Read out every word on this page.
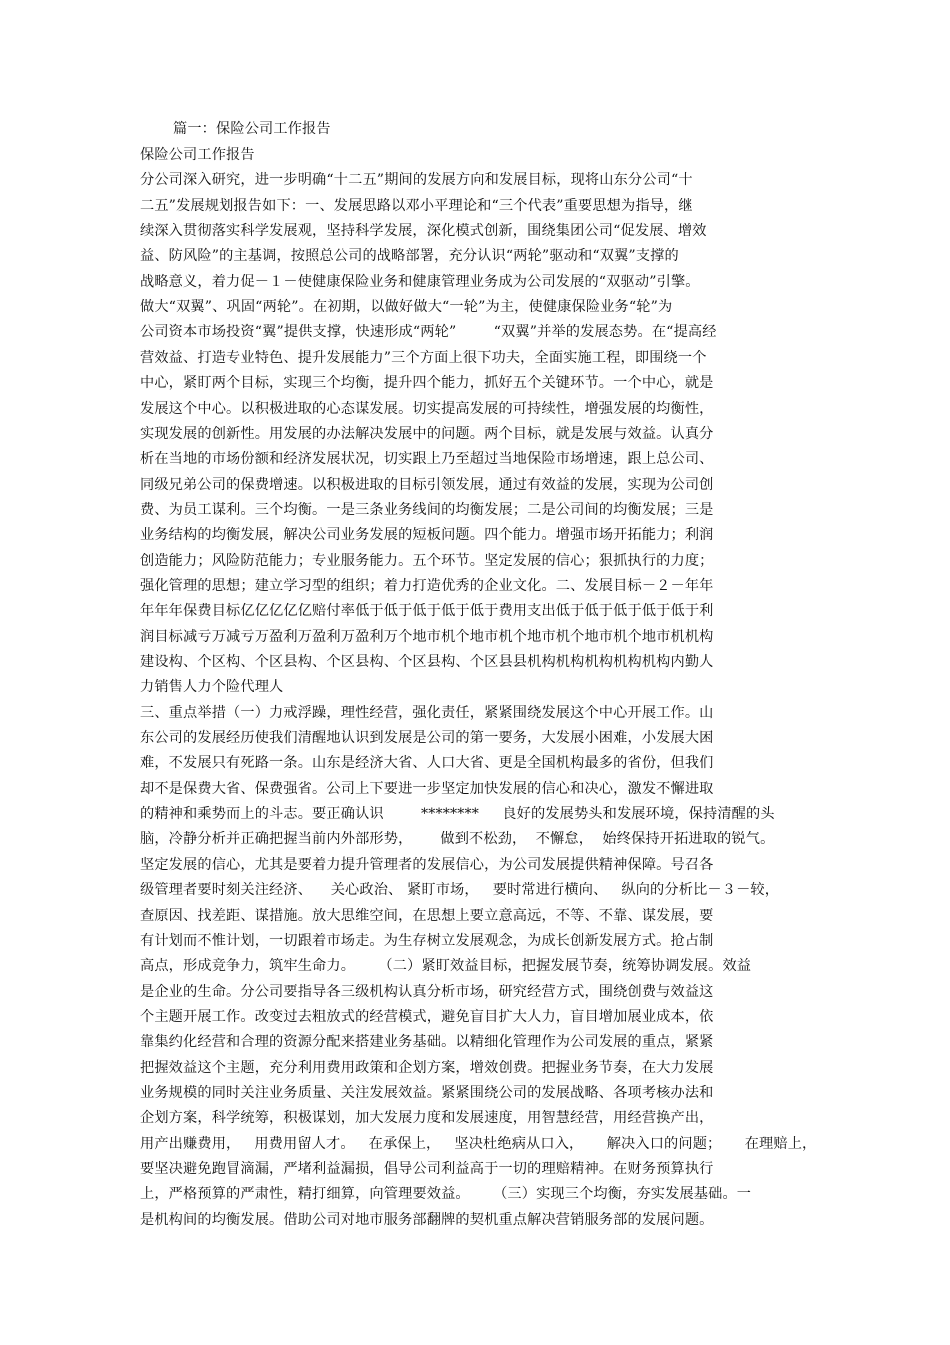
篇一：保险公司工作报告
保险公司工作报告
分公司深入研究，进一步明确“十二五”期间的发展方向和发展目标，现将山东分公司“十
二五”发展规划报告如下：一、发展思路以邓小平理论和“三个代表”重要思想为指导，继
续深入贯彻落实科学发展观，坚持科学发展，深化模式创新，围绕集团公司“促发展、增效
益、防风险”的主基调，按照总公司的战略部署，充分认识“两轮”驱动和“双翼”支撑的
战略意义，着力促－１－使健康保险业务和健康管理业务成为公司发展的“双驱动”引擎。
做大“双翼”、巩固“两轮”。在初期，以做好做大“一轮”为主，使健康保险业务“轮”为
公司资本市场投资“翼”提供支撑，快速形成“两轮”        “双翼”并举的发展态势。在“提高经
营效益、打造专业特色、提升发展能力”三个方面上很下功夫，全面实施工程，即围绕一个
中心，紧盯两个目标，实现三个均衡，提升四个能力，抓好五个关键环节。一个中心，就是
发展这个中心。以积极进取的心态谋发展。切实提高发展的可持续性，增强发展的均衡性，
实现发展的创新性。用发展的办法解决发展中的问题。两个目标，就是发展与效益。认真分
析在当地的市场份额和经济发展状况，切实跟上乃至超过当地保险市场增速，跟上总公司、
同级兄弟公司的保费增速。以积极进取的目标引领发展，通过有效益的发展，实现为公司创
费、为员工谋利。三个均衡。一是三条业务线间的均衡发展；二是公司间的均衡发展；三是
业务结构的均衡发展，解决公司业务发展的短板问题。四个能力。增强市场开拓能力；利润
创造能力；风险防范能力；专业服务能力。五个环节。坚定发展的信心；狠抓执行的力度；
强化管理的思想；建立学习型的组织；着力打造优秀的企业文化。二、发展目标－２－年年
年年年保费目标亿亿亿亿亿赔付率低于低于低于低于低于费用支出低于低于低于低于低于利
润目标减亏万减亏万盈利万盈利万盈利万个地市机个地市机个地市机个地市机个地市机机构
建设构、个区构、个区县构、个区县构、个区县构、个区县县机构机构机构机构机构内勤人
力销售人力个险代理人
三、重点举措（一）力戒浮躁，理性经营，强化责任，紧紧围绕发展这个中心开展工作。山
东公司的发展经历使我们清醒地认识到发展是公司的第一要务，大发展小困难，小发展大困
难，不发展只有死路一条。山东是经济大省、人口大省、更是全国机构最多的省份，但我们
却不是保费大省、保费强省。公司上下要进一步坚定加快发展的信心和决心，激发不懈进取
的精神和乘势而上的斗志。要正确认识        ********     良好的发展势头和发展环境，保持清醒的头
脑，冷静分析并正确把握当前内外部形势，      做到不松劲，  不懈怠，  始终保持开拓进取的锐气。
坚定发展的信心，尤其是要着力提升管理者的发展信心，为公司发展提供精神保障。号召各
级管理者要时刻关注经济、    关心政治、 紧盯市场，   要时常进行横向、   纵向的分析比－３－较，
查原因、找差距、谋措施。放大思维空间，在思想上要立意高远，不等、不靠、谋发展，要
有计划而不惟计划，一切跟着市场走。为生存树立发展观念，为成长创新发展方式。抢占制
高点，形成竞争力，筑牢生命力。     （二）紧盯效益目标，把握发展节奏，统筹协调发展。效益
是企业的生命。分公司要指导各三级机构认真分析市场，研究经营方式，围绕创费与效益这
个主题开展工作。改变过去粗放式的经营模式，避免盲目扩大人力，盲目增加展业成本，依
靠集约化经营和合理的资源分配来搭建业务基础。以精细化管理作为公司发展的重点，紧紧
把握效益这个主题，充分利用费用政策和企划方案，增效创费。把握业务节奏，在大力发展
业务规模的同时关注业务质量、关注发展效益。紧紧围绕公司的发展战略、各项考核办法和
企划方案，科学统筹，积极谋划，加大发展力度和发展速度，用智慧经营，用经营换产出，
用产出赚费用，   用费用留人才。   在承保上，   坚决杜绝病从口入，     解决入口的问题；     在理赔上，
要坚决避免跑冒滴漏，严堵利益漏损，倡导公司利益高于一切的理赔精神。在财务预算执行
上，严格预算的严肃性，精打细算，向管理要效益。     （三）实现三个均衡，夯实发展基础。一
是机构间的均衡发展。借助公司对地市服务部翻牌的契机重点解决营销服务部的发展问题。
